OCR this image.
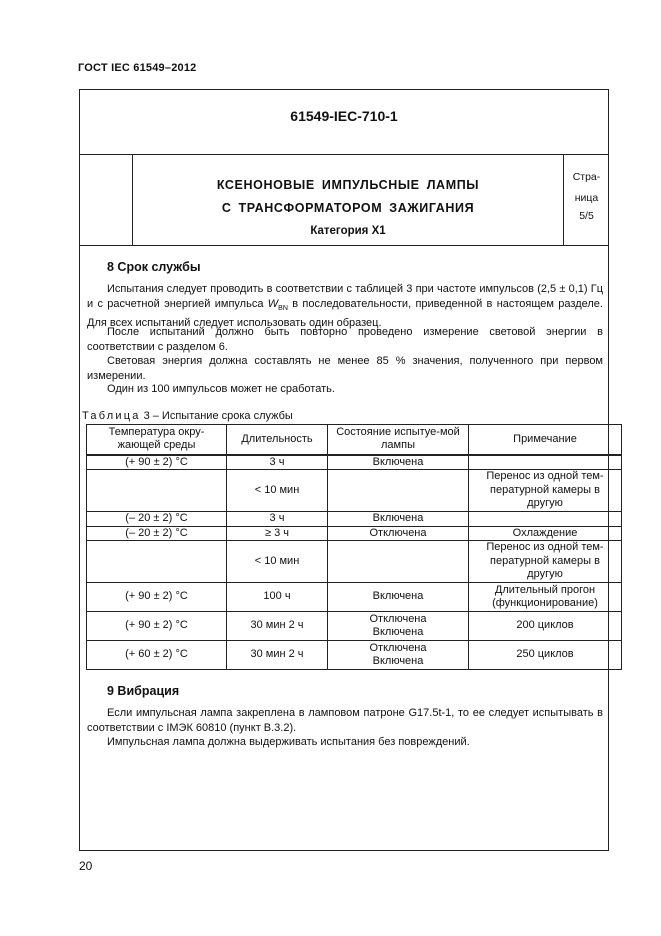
ГОСТ IEC 61549–2012
61549-IEC-710-1
КСЕНОНОВЫЕ ИМПУЛЬСНЫЕ ЛАМПЫ
С ТРАНСФОРМАТОРОМ ЗАЖИГАНИЯ
Категория Х1
Стра-
ница
5/5
8 Срок службы
Испытания следует проводить в соответствии с таблицей 3 при частоте импульсов (2,5 ± 0,1) Гц и с расчетной энергией импульса $W_{BN}$ в последовательности, приведенной в настоящем разделе. Для всех испытаний следует использовать один образец.
После испытаний должно быть повторно проведено измерение световой энергии в соответствии с разделом 6.
Световая энергия должна составлять не менее 85 % значения, полученного при первом измерении.
Один из 100 импульсов может не сработать.
Таблица 3 – Испытание срока службы
Температура окру-жающей среды	Длительность	Состояние испытуе-мой лампы	Примечание
(+ 90 ± 2) °С	3 ч	Включена	
	< 10 мин		Перенос из одной тем-пературной камеры в другую
(– 20 ± 2) °С	3 ч	Включена	
(– 20 ± 2) °С	≥ 3 ч	Отключена	Охлаждение
	< 10 мин		Перенос из одной тем-пературной камеры в другую
(+ 90 ± 2) °С	100 ч	Включена	Длительный прогон (функционирование)
(+ 90 ± 2) °С	30 мин 2 ч	Отключена Включена	200 циклов
(+ 60 ± 2) °С	30 мин 2 ч	Отключена Включена	250 циклов
9 Вибрация
Если импульсная лампа закреплена в ламповом патроне G17.5t-1, то ее следует испытывать в соответствии с IМЭК 60810 (пункт В.3.2).
Импульсная лампа должна выдерживать испытания без повреждений.
20
